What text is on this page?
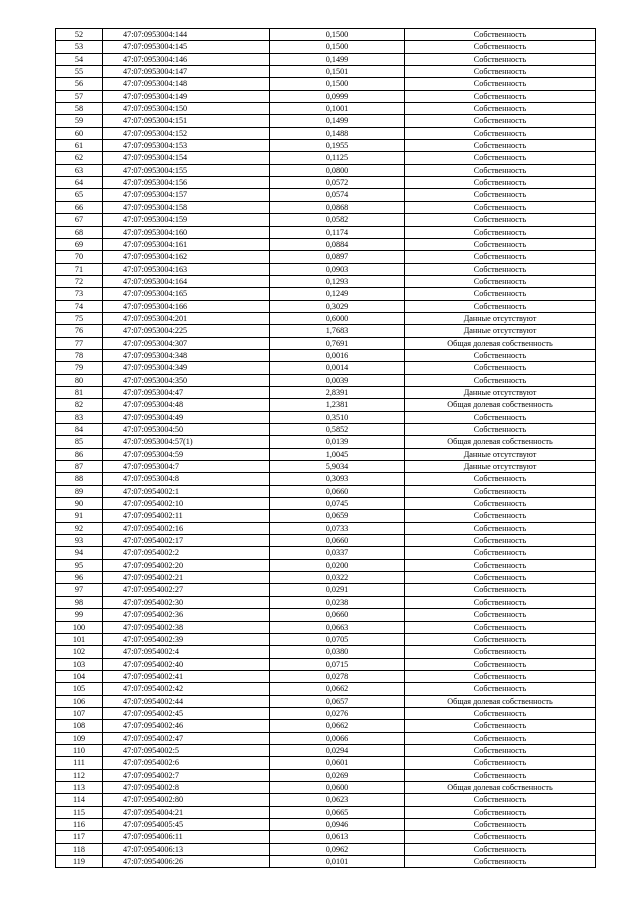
52	47:07:0953004:144	0,1500	Собственность
53	47:07:0953004:145	0,1500	Собственность
54	47:07:0953004:146	0,1499	Собственность
55	47:07:0953004:147	0,1501	Собственность
56	47:07:0953004:148	0,1500	Собственность
57	47:07:0953004:149	0,0999	Собственность
58	47:07:0953004:150	0,1001	Собственность
59	47:07:0953004:151	0,1499	Собственность
60	47:07:0953004:152	0,1488	Собственность
61	47:07:0953004:153	0,1955	Собственность
62	47:07:0953004:154	0,1125	Собственность
63	47:07:0953004:155	0,0800	Собственность
64	47:07:0953004:156	0,0572	Собственность
65	47:07:0953004:157	0,0574	Собственность
66	47:07:0953004:158	0,0868	Собственность
67	47:07:0953004:159	0,0582	Собственность
68	47:07:0953004:160	0,1174	Собственность
69	47:07:0953004:161	0,0884	Собственность
70	47:07:0953004:162	0,0897	Собственность
71	47:07:0953004:163	0,0903	Собственность
72	47:07:0953004:164	0,1293	Собственность
73	47:07:0953004:165	0,1249	Собственность
74	47:07:0953004:166	0,3029	Собственность
75	47:07:0953004:201	0,6000	Данные отсутствуют
76	47:07:0953004:225	1,7683	Данные отсутствуют
77	47:07:0953004:307	0,7691	Общая долевая собственность
78	47:07:0953004:348	0,0016	Собственность
79	47:07:0953004:349	0,0014	Собственность
80	47:07:0953004:350	0,0039	Собственность
81	47:07:0953004:47	2,8391	Данные отсутствуют
82	47:07:0953004:48	1,2381	Общая долевая собственность
83	47:07:0953004:49	0,3510	Собственность
84	47:07:0953004:50	0,5852	Собственность
85	47:07:0953004:57(1)	0,0139	Общая долевая собственность
86	47:07:0953004:59	1,0045	Данные отсутствуют
87	47:07:0953004:7	5,9034	Данные отсутствуют
88	47:07:0953004:8	0,3093	Собственность
89	47:07:0954002:1	0,0660	Собственность
90	47:07:0954002:10	0,0745	Собственность
91	47:07:0954002:11	0,0659	Собственность
92	47:07:0954002:16	0,0733	Собственность
93	47:07:0954002:17	0,0660	Собственность
94	47:07:0954002:2	0,0337	Собственность
95	47:07:0954002:20	0,0200	Собственность
96	47:07:0954002:21	0,0322	Собственность
97	47:07:0954002:27	0,0291	Собственность
98	47:07:0954002:30	0,0238	Собственность
99	47:07:0954002:36	0,0660	Собственность
100	47:07:0954002:38	0,0663	Собственность
101	47:07:0954002:39	0,0705	Собственность
102	47:07:0954002:4	0,0380	Собственность
103	47:07:0954002:40	0,0715	Собственность
104	47:07:0954002:41	0,0278	Собственность
105	47:07:0954002:42	0,0662	Собственность
106	47:07:0954002:44	0,0657	Общая долевая собственность
107	47:07:0954002:45	0,0276	Собственность
108	47:07:0954002:46	0,0662	Собственность
109	47:07:0954002:47	0,0066	Собственность
110	47:07:0954002:5	0,0294	Собственность
111	47:07:0954002:6	0,0601	Собственность
112	47:07:0954002:7	0,0269	Собственность
113	47:07:0954002:8	0,0600	Общая долевая собственность
114	47:07:0954002:80	0,0623	Собственность
115	47:07:0954004:21	0,0665	Собственность
116	47:07:0954005:45	0,0946	Собственность
117	47:07:0954006:11	0,0613	Собственность
118	47:07:0954006:13	0,0962	Собственность
119	47:07:0954006:26	0,0101	Собственность
